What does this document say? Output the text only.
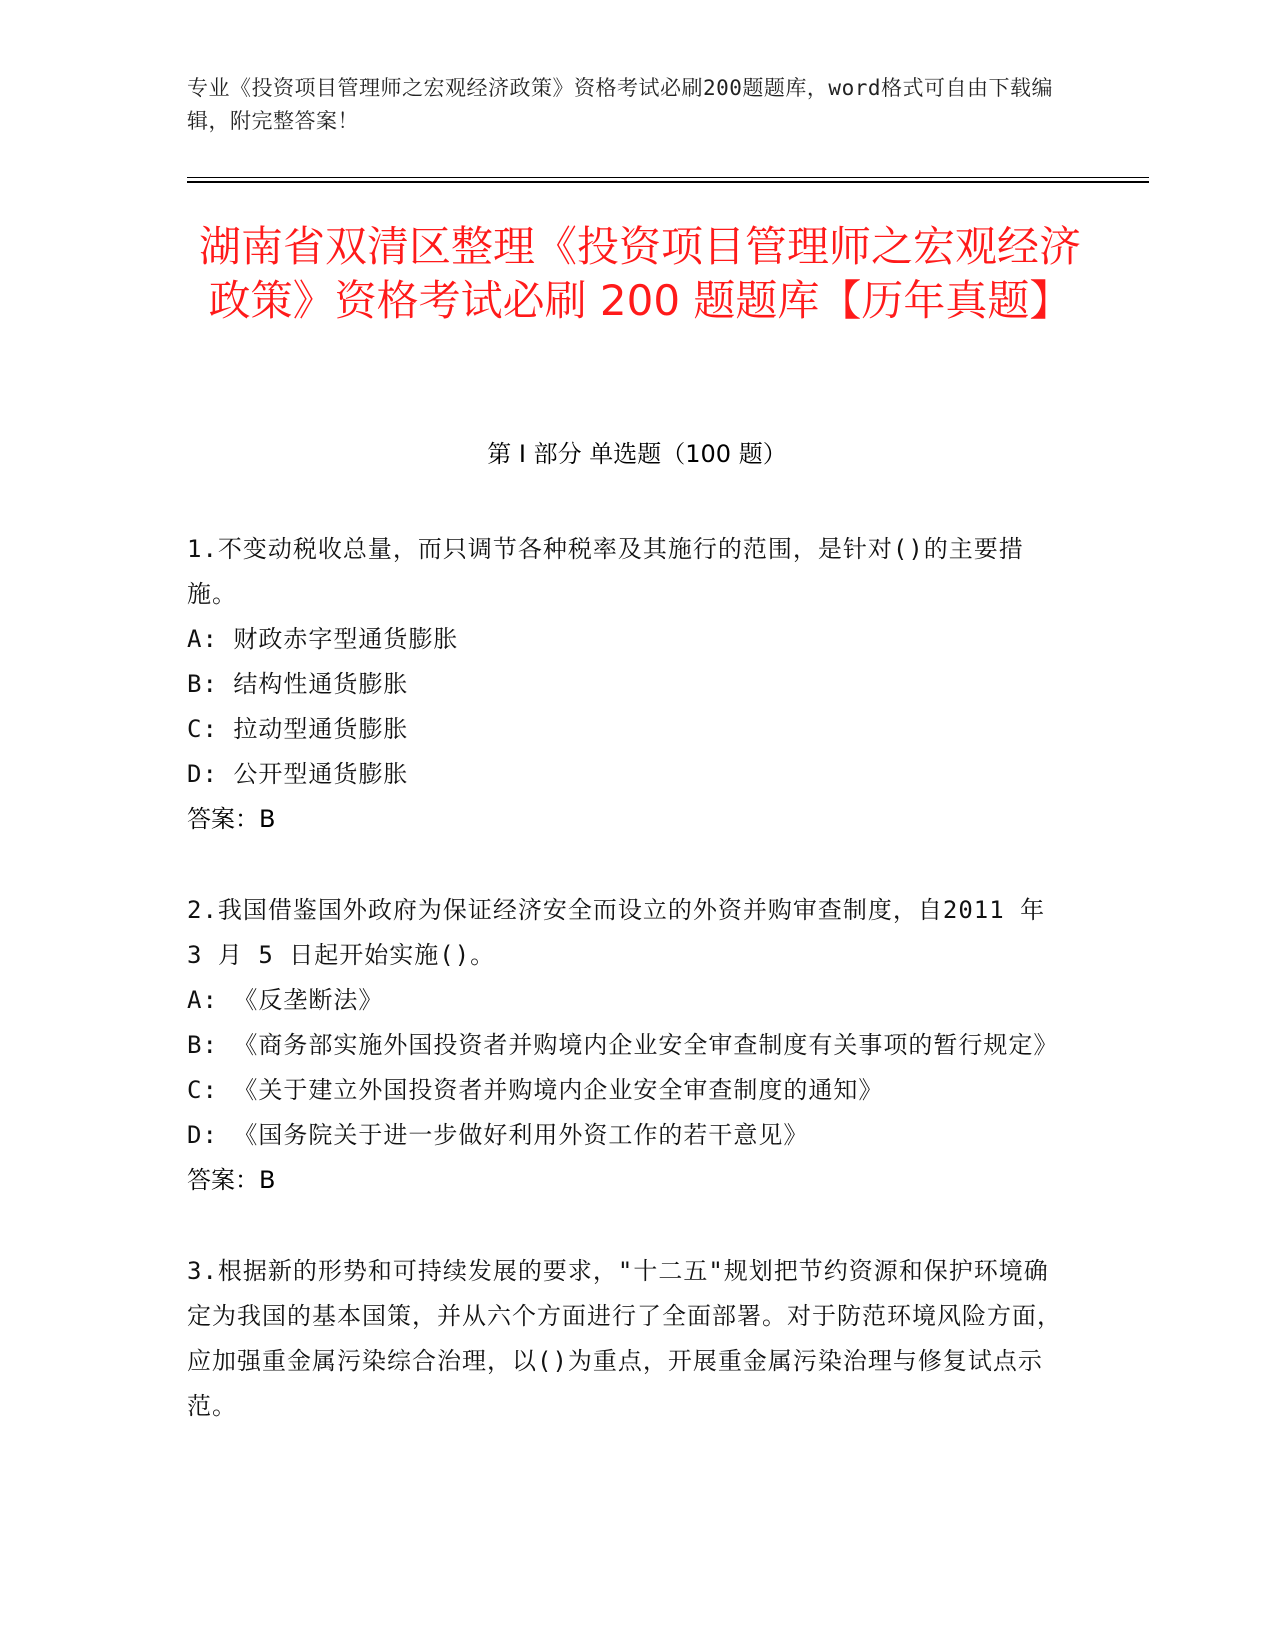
专业《投资项目管理师之宏观经济政策》资格考试必刷200题题库，word格式可自由下载编辑，附完整答案！
湖南省双清区整理《投资项目管理师之宏观经济政策》资格考试必刷 200 题题库【历年真题】
第 I 部分 单选题（100 题）
1.不变动税收总量，而只调节各种税率及其施行的范围，是针对()的主要措施。
A: 财政赤字型通货膨胀
B: 结构性通货膨胀
C: 拉动型通货膨胀
D: 公开型通货膨胀
答案：B
2.我国借鉴国外政府为保证经济安全而设立的外资并购审查制度，自2011 年 3 月 5 日起开始实施()。
A: 《反垄断法》
B: 《商务部实施外国投资者并购境内企业安全审查制度有关事项的暂行规定》
C: 《关于建立外国投资者并购境内企业安全审查制度的通知》
D: 《国务院关于进一步做好利用外资工作的若干意见》
答案：B
3.根据新的形势和可持续发展的要求，"十二五"规划把节约资源和保护环境确定为我国的基本国策，并从六个方面进行了全面部署。对于防范环境风险方面，应加强重金属污染综合治理，以()为重点，开展重金属污染治理与修复试点示范。
